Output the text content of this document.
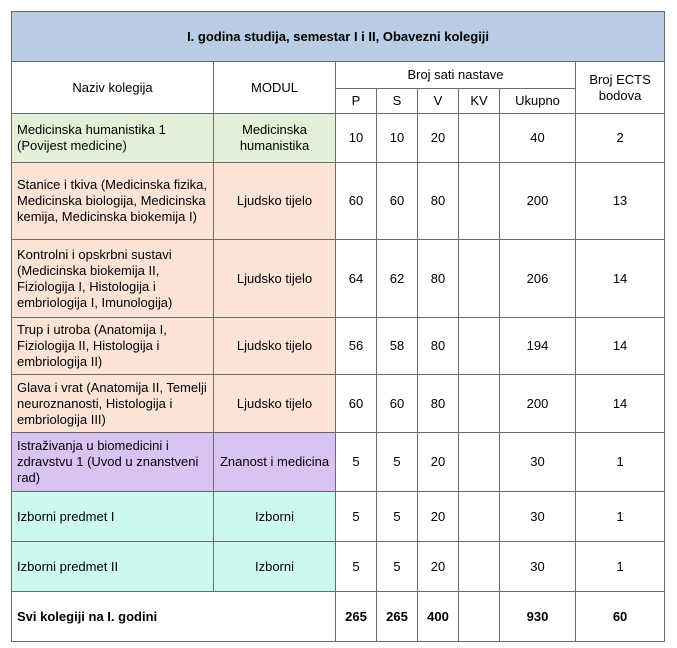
I. godina studija, semestar I i II, Obavezni kolegiji							
Naziv kolegija	MODUL	Broj sati nastave					Broj ECTS bodova
		P	S	V	KV	Ukupno	
Medicinska humanistika 1 (Povijest medicine)	Medicinska humanistika	10	10	20		40	2
Stanice i tkiva (Medicinska fizika, Medicinska biologija, Medicinska kemija, Medicinska biokemija I)	Ljudsko tijelo	60	60	80		200	13
Kontrolni i opskrbni sustavi (Medicinska biokemija II, Fiziologija I, Histologija i embriologija I, Imunologija)	Ljudsko tijelo	64	62	80		206	14
Trup i utroba (Anatomija I, Fiziologija II, Histologija i embriologija II)	Ljudsko tijelo	56	58	80		194	14
Glava i vrat (Anatomija II, Temelji neuroznanosti, Histologija i embriologija III)	Ljudsko tijelo	60	60	80		200	14
Istraživanja u biomedicini i zdravstvu 1 (Uvod u znanstveni rad)	Znanost i medicina	5	5	20		30	1
Izborni predmet I	Izborni	5	5	20		30	1
Izborni predmet II	Izborni	5	5	20		30	1
Svi kolegiji na I. godini		265	265	400		930	60
